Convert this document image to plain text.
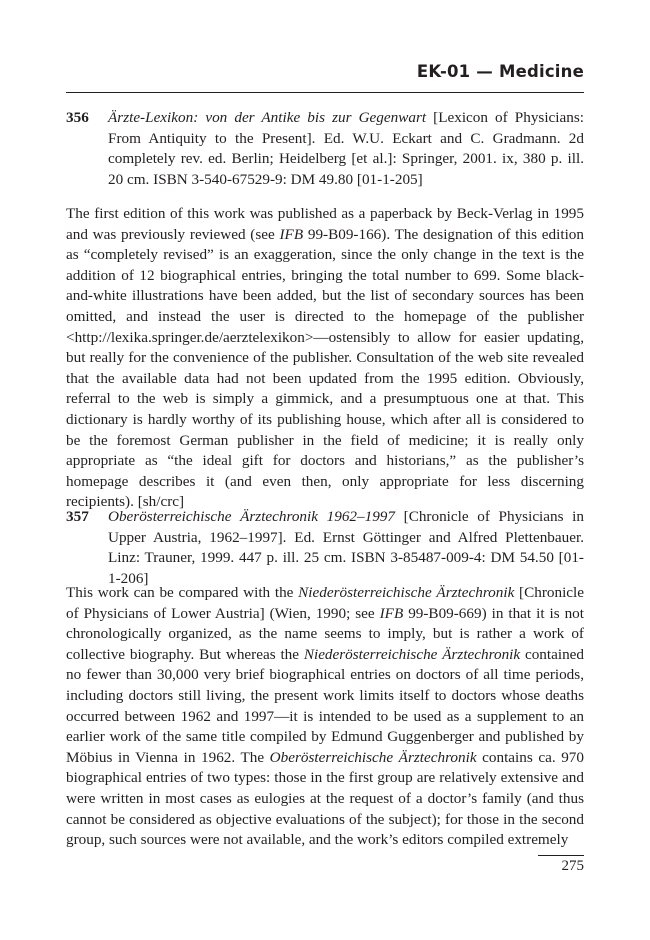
EK-01 — Medicine
356 Ärzte-Lexikon: von der Antike bis zur Gegenwart [Lexicon of Physicians: From Antiquity to the Present]. Ed. W.U. Eckart and C. Gradmann. 2d completely rev. ed. Berlin; Heidelberg [et al.]: Springer, 2001. ix, 380 p. ill. 20 cm. ISBN 3-540-67529-9: DM 49.80 [01-1-205]
The first edition of this work was published as a paperback by Beck-Verlag in 1995 and was previously reviewed (see IFB 99-B09-166). The designation of this edition as “completely revised” is an exaggeration, since the only change in the text is the addition of 12 biographical entries, bringing the total number to 699. Some black-and-white illustrations have been added, but the list of secondary sources has been omitted, and instead the user is directed to the homepage of the publisher <http://lexika.springer.de/aerztelexikon>—ostensibly to allow for easier updating, but really for the convenience of the publisher. Consultation of the web site revealed that the available data had not been updated from the 1995 edition. Obviously, referral to the web is simply a gimmick, and a presumptuous one at that. This dictionary is hardly worthy of its publishing house, which after all is considered to be the foremost German publisher in the field of medicine; it is really only appropriate as “the ideal gift for doctors and historians,” as the publisher’s homepage describes it (and even then, only appropriate for less discerning recipients). [sh/crc]
357 Oberösterreichische Ärztechronik 1962–1997 [Chronicle of Physicians in Upper Austria, 1962–1997]. Ed. Ernst Göttinger and Alfred Plettenbauer. Linz: Trauner, 1999. 447 p. ill. 25 cm. ISBN 3-85487-009-4: DM 54.50 [01-1-206]
This work can be compared with the Niederösterreichische Ärztechronik [Chronicle of Physicians of Lower Austria] (Wien, 1990; see IFB 99-B09-669) in that it is not chronologically organized, as the name seems to imply, but is rather a work of collective biography. But whereas the Niederösterreichische Ärztechronik contained no fewer than 30,000 very brief biographical entries on doctors of all time periods, including doctors still living, the present work limits itself to doctors whose deaths occurred between 1962 and 1997—it is intended to be used as a supplement to an earlier work of the same title compiled by Edmund Guggenberger and published by Möbius in Vienna in 1962. The Oberösterreichische Ärztechronik contains ca. 970 biographical entries of two types: those in the first group are relatively extensive and were written in most cases as eulogies at the request of a doctor’s family (and thus cannot be considered as objective evaluations of the subject); for those in the second group, such sources were not available, and the work’s editors compiled extremely
275
